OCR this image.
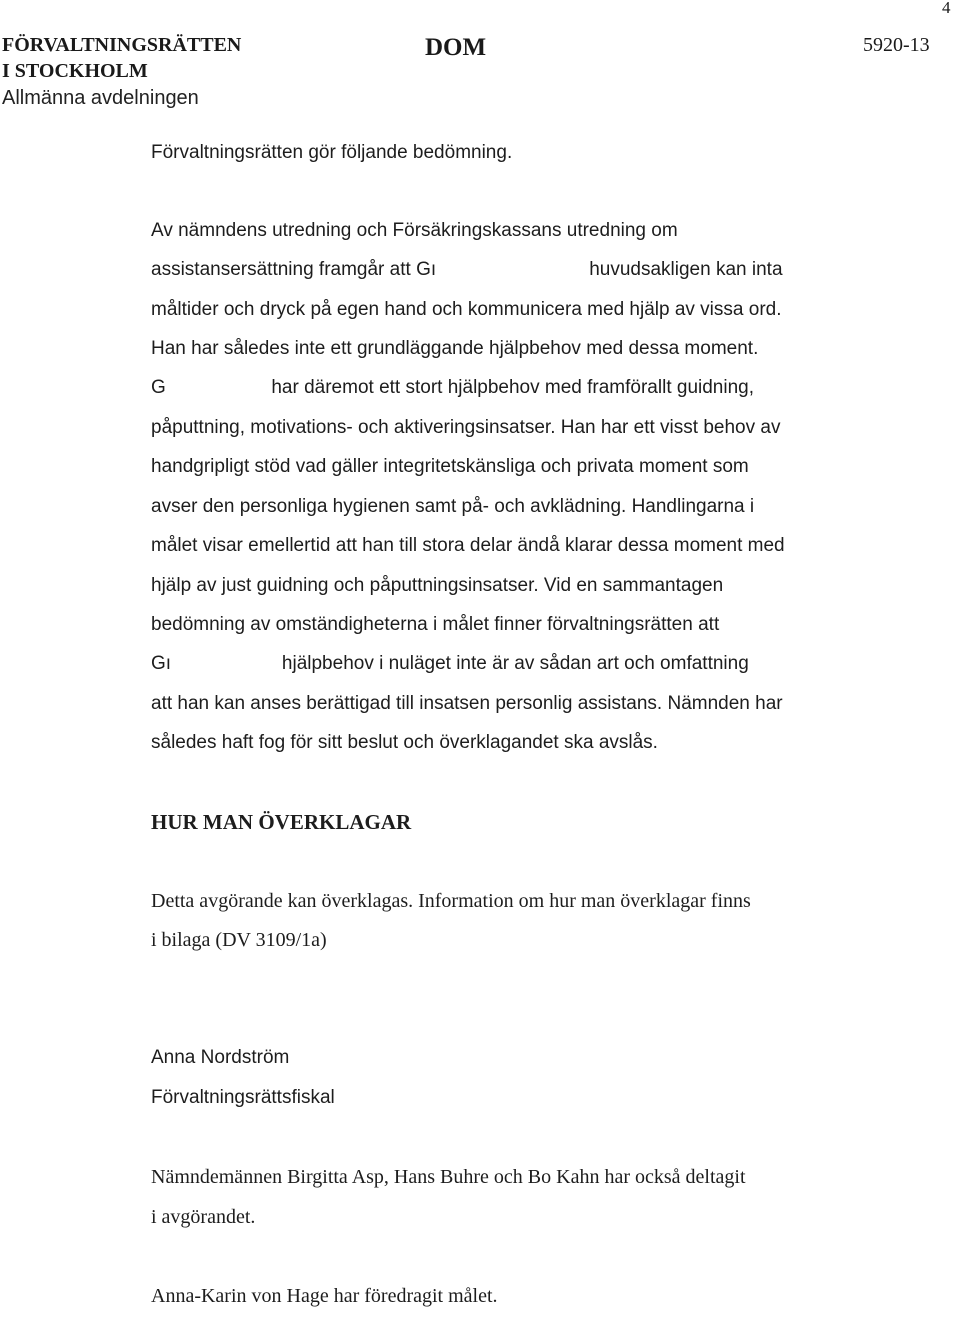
4
FÖRVALTNINGSRÄTTEN
I STOCKHOLM
Allmänna avdelningen
DOM	5920-13
Förvaltningsrätten gör följande bedömning.
Av nämndens utredning och Försäkringskassans utredning om
assistansersättning framgår att Gı                             huvudsakligen kan inta
måltider och dryck på egen hand och kommunicera med hjälp av vissa ord.
Han har således inte ett grundläggande hjälpbehov med dessa moment.
G                    har däremot ett stort hjälpbehov med framförallt guidning,
påputtning, motivations- och aktiveringsinsatser. Han har ett visst behov av
handgripligt stöd vad gäller integritetskänsliga och privata moment som
avser den personliga hygienen samt på- och avklädning. Handlingarna i
målet visar emellertid att han till stora delar ändå klarar dessa moment med
hjälp av just guidning och påputtningsinsatser. Vid en sammantagen
bedömning av omständigheterna i målet finner förvaltningsrätten att
Gı                     hjälpbehov i nuläget inte är av sådan art och omfattning
att han kan anses berättigad till insatsen personlig assistans. Nämnden har
således haft fog för sitt beslut och överklagandet ska avslås.
HUR MAN ÖVERKLAGAR
Detta avgörande kan överklagas. Information om hur man överklagar finns
i bilaga (DV 3109/1a)
Anna Nordström
Förvaltningsrättsfiskal
Nämndemännen Birgitta Asp, Hans Buhre och Bo Kahn har också deltagit
i avgörandet.
Anna-Karin von Hage har föredragit målet.
